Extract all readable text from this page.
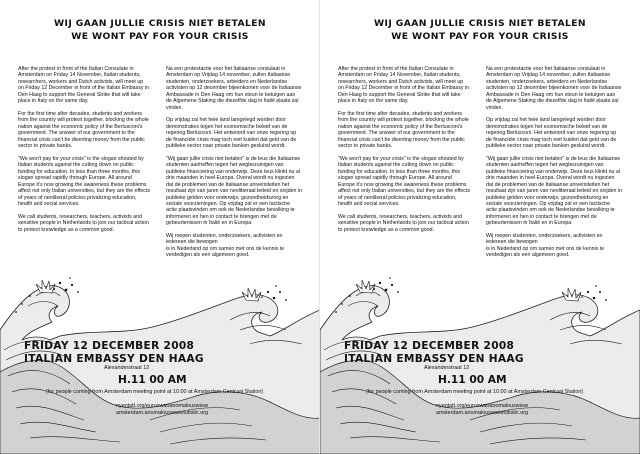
WIJ GAAN JULLIE CRISIS NIET BETALEN
WE WONT PAY FOR YOUR CRISIS

After the protest in front of the Italian Consulate in Amsterdam on Friday 14 November, Italian students, researchers, workers and Dutch activists, will meet up on Friday 12 December in front of the Italian Embassy in Den Haag to support the General Strike that will take place in Italy on the same day.

For the first time after decades, students and workers from the country will protest together, blocking the whole nation against the economic policy of the Berlusconi's government. The answer of our government to the financial crisis can't be diverting money from the public sector to private banks.

"We won't pay for your crisis" is the slogan shouted by Italian students against the cutting down on public funding for education. In less than three months, this slogan spread rapidly through Europe. All around Europe it's now growing the awareness these problems affect not only Italian universities, but they are the effects of years of neoliberal policies privatizing education, health and social services.

We call students, researchers, teachers, activists and sensitive people in Netherlands to join our tactical action to protect knowledge as a common good.

Na een protestactie voor het Italiaanse consulaat in Amsterdam op Vrijdag 14 november, zullen Italiaanse studenten, onderzoekers, arbeiders en Nederlandse activisten op 12 december bijeenkomen voor de Italiaanse Ambassade in Den Haag om hun steun te betuigen aan de Algemene Staking die diezelfde dag in Italië plaats zal vinden.

Op vrijdag zal het hele land lamgelegd worden door demonstraties tegen het economische beleid van de regering Berlusconi. Het antwoord van onze regering op de financiële crisis mag toch niet kuiden dat geld van de publieke sector naar private banken gesluisd wordt.

"Wij gaan jullie crisis niet betalen" is de leus die Italiaanse studenten aanheffen tegen het wegbezuinigen van publieke financiering van onderwijs. Deze leus klinkt nu al drie maanden in heel Europa. Overal wordt nu ingezien dat de problemen van de Italiaanse universiteiten het resultaat zijn van jaren van neoliberaal beleid en snijden in publieke gelden voor onderwijs, gezondheidszorg en sociale voorzieningen. Op vrijdag zal er een tactische actie plaatsvinden om ook de Nederlandse bevolking te informeren en hen in contact te brengen met de gebeurtenissen in Italië en in Europa.

Wij roepen studenten, onderzoekers, activisten en iedereen die bewogen

is in Nederland op om samen met ons de kennis te verdedigen als een algemeen goed.

FRIDAY 12 DECEMBER 2008
ITALIAN EMBASSY DEN HAAG
Alexanderstraat 12
H.11 00 AM
(for people coming from Amsterdam meeting point at 10.00 at Amsterdam Centraal Station)
nyentatt.org/euroswananomalouswave
amsterdam.anomalouswavetutistic.org
WIJ GAAN JULLIE CRISIS NIET BETALEN
WE WONT PAY FOR YOUR CRISIS

After the protest in front of the Italian Consulate in Amsterdam on Friday 14 November, Italian students, researchers, workers and Dutch activists, will meet up on Friday 12 December in front of the Italian Embassy in Den Haag to support the General Strike that will take place in Italy on the same day.

For the first time after decades, students and workers from the country will protest together, blocking the whole nation against the economic policy of the Berlusconi's government. The answer of our government to the financial crisis can't be diverting money from the public sector to private banks.

"We won't pay for your crisis" is the slogan shouted by Italian students against the cutting down on public funding for education. In less than three months, this slogan spread rapidly through Europe. All around Europe it's now growing the awareness these problems affect not only Italian universities, but they are the effects of years of neoliberal policies privatizing education, health and social services.

We call students, researchers, teachers, activists and sensitive people in Netherlands to join our tactical action to protect knowledge as a common good.

Na een protestactie voor het Italiaanse consulaat in Amsterdam op Vrijdag 14 november, zullen Italiaanse studenten, onderzoekers, arbeiders en Nederlandse activisten op 12 december bijeenkomen voor de Italiaanse Ambassade in Den Haag om hun steun te betuigen aan de Algemene Staking die diezelfde dag in Italië plaats zal vinden.

Op vrijdag zal het hele land lamgelegd worden door demonstraties tegen het economische beleid van de regering Berlusconi. Het antwoord van onze regering op de financiële crisis mag toch niet kuiden dat geld van de publieke sector naar private banken gesluisd wordt.

"Wij gaan jullie crisis niet betalen" is de leus die Italiaanse studenten aanheffen tegen het wegbezuinigen van publieke financiering van onderwijs. Deze leus klinkt nu al drie maanden in heel Europa. Overal wordt nu ingezien dat de problemen van de Italiaanse universiteiten het resultaat zijn van jaren van neoliberaal beleid en snijden in publieke gelden voor onderwijs, gezondheidszorg en sociale voorzieningen. Op vrijdag zal er een tactische actie plaatsvinden om ook de Nederlandse bevolking te informeren en hen in contact te brengen met de gebeurtenissen in Italië en in Europa.

Wij roepen studenten, onderzoekers, activisten en iedereen die bewogen

is in Nederland op om samen met ons de kennis te verdedigen als een algemeen goed.

FRIDAY 12 DECEMBER 2008
ITALIAN EMBASSY DEN HAAG
Alexanderstraat 12
H.11 00 AM
(for people coming from Amsterdam meeting point at 10.00 at Amsterdam Centraal Station)
nyentatt.org/euroswananomalouswave
amsterdam.anomalouswavetutistic.org
